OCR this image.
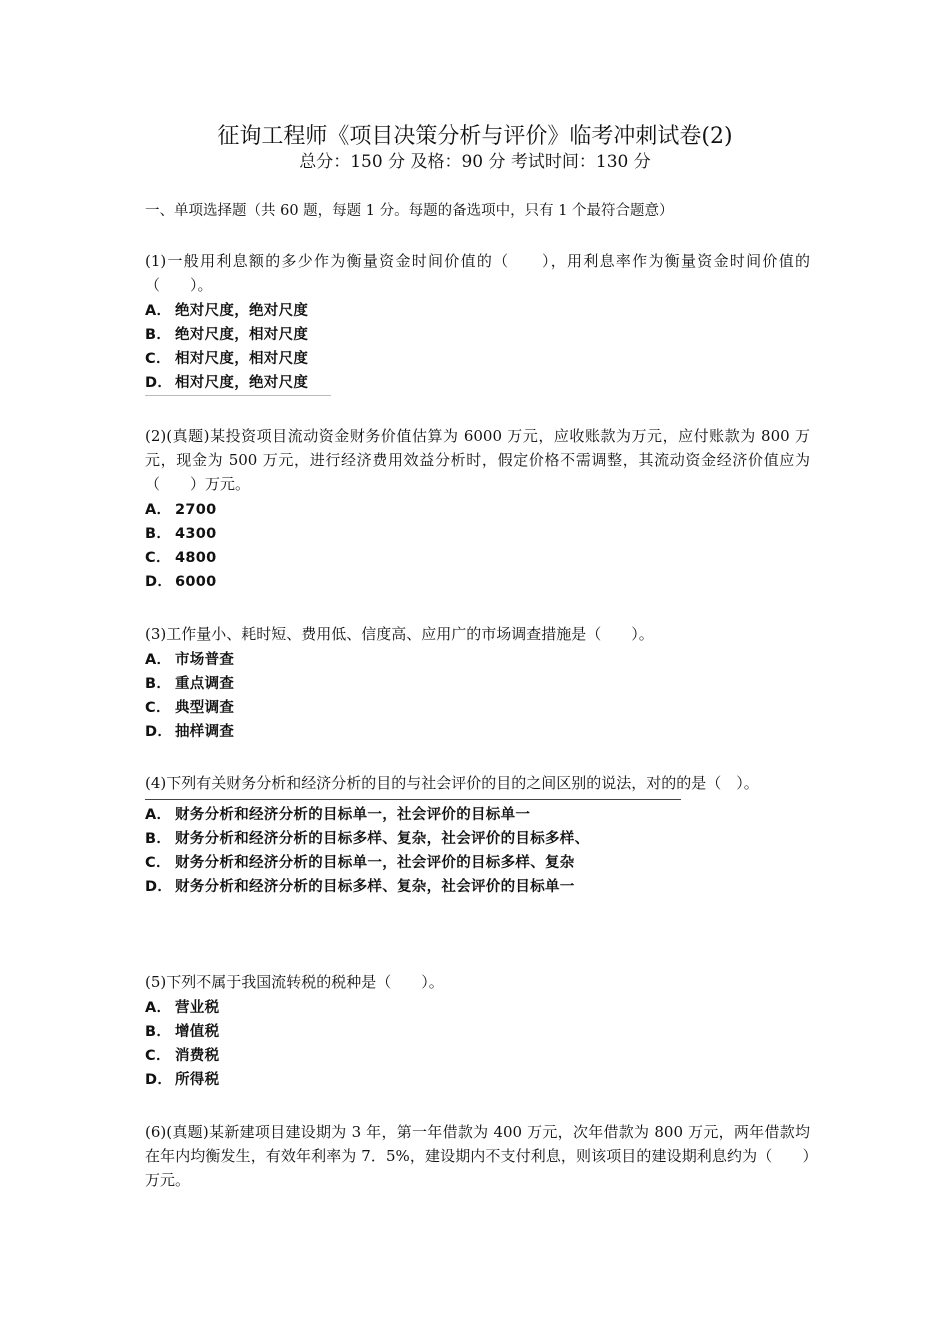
征询工程师《项目决策分析与评价》临考冲刺试卷(2)
总分：150 分 及格：90 分 考试时间：130 分
一、单项选择题（共 60 题，每题 1 分。每题的备选项中，只有 1 个最符合题意）

(1)一般用利息额的多少作为衡量资金时间价值的（　　），用利息率作为衡量资金时间价值的（　　）。

A． 绝对尺度，绝对尺度
B． 绝对尺度，相对尺度
C． 相对尺度，相对尺度
D． 相对尺度，绝对尺度

(2)(真题)某投资项目流动资金财务价值估算为 6000 万元，应收账款为万元，应付账款为 800 万元，现金为 500 万元，进行经济费用效益分析时，假定价格不需调整，其流动资金经济价值应为（　　）万元。

A． 2700
B． 4300
C． 4800
D． 6000

(3)工作量小、耗时短、费用低、信度高、应用广的市场调查措施是（　　）。

A． 市场普查
B． 重点调查
C． 典型调查
D． 抽样调查

(4)下列有关财务分析和经济分析的目的与社会评价的目的之间区别的说法，对的的是（　）。

A． 财务分析和经济分析的目标单一，社会评价的目标单一
B． 财务分析和经济分析的目标多样、复杂，社会评价的目标多样、
C． 财务分析和经济分析的目标单一，社会评价的目标多样、复杂
D． 财务分析和经济分析的目标多样、复杂，社会评价的目标单一

(5)下列不属于我国流转税的税种是（　　）。

A． 营业税
B． 增值税
C． 消费税
D． 所得税

(6)(真题)某新建项目建设期为 3 年，第一年借款为 400 万元，次年借款为 800 万元，两年借款均在年内均衡发生，有效年利率为 7．5%，建设期内不支付利息，则该项目的建设期利息约为（　　）万元。
